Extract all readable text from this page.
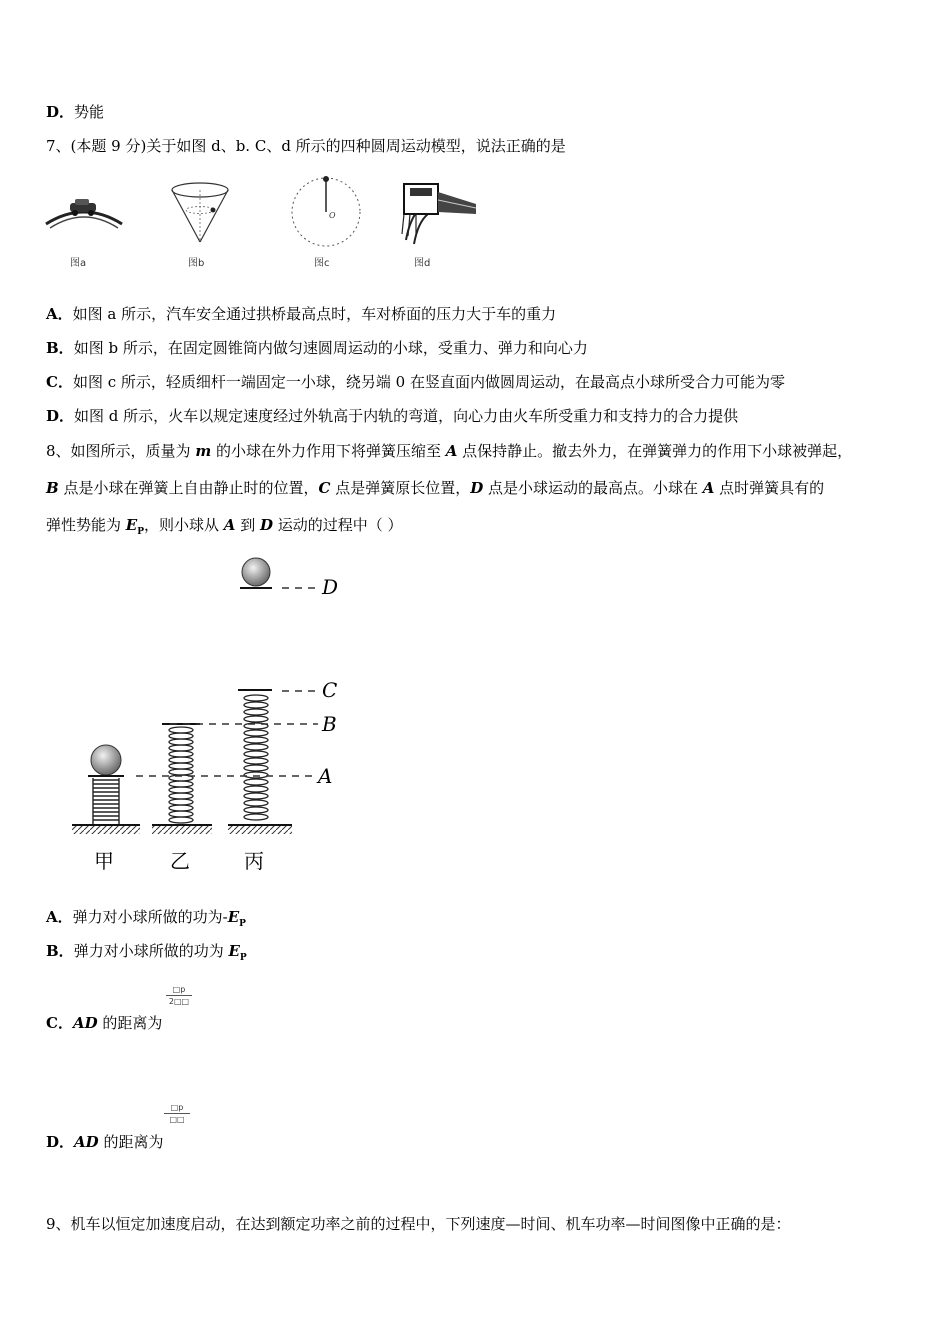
D．势能
7、(本题 9 分)关于如图 d、b. C、d 所示的四种圆周运动模型，说法正确的是
图a	图b
O
图c	图d
A．如图 a 所示，汽车安全通过拱桥最高点时，车对桥面的压力大于车的重力
B．如图 b 所示，在固定圆锥筒内做匀速圆周运动的小球，受重力、弹力和向心力
C．如图 c 所示，轻质细杆一端固定一小球，绕另端 0 在竖直面内做圆周运动，在最高点小球所受合力可能为零
D．如图 d 所示，火车以规定速度经过外轨高于内轨的弯道，向心力由火车所受重力和支持力的合力提供
8、如图所示，质量为 m 的小球在外力作用下将弹簧压缩至 A 点保持静止。撤去外力，在弹簧弹力的作用下小球被弹起，
B 点是小球在弹簧上自由静止时的位置，C 点是弹簧原长位置，D 点是小球运动的最高点。小球在 A 点时弹簧具有的
弹性势能为 $E_P$，则小球从 A 到 D 运动的过程中（ ）
D
C
B
A
甲	乙	丙
A．弹力对小球所做的功为$-E_P$
B．弹力对小球所做的功为 $E_P$
□p
2□□
C．AD 的距离为
□p
□□
D．AD 的距离为
9、机车以恒定加速度启动，在达到额定功率之前的过程中，下列速度—时间、机车功率—时间图像中正确的是：
